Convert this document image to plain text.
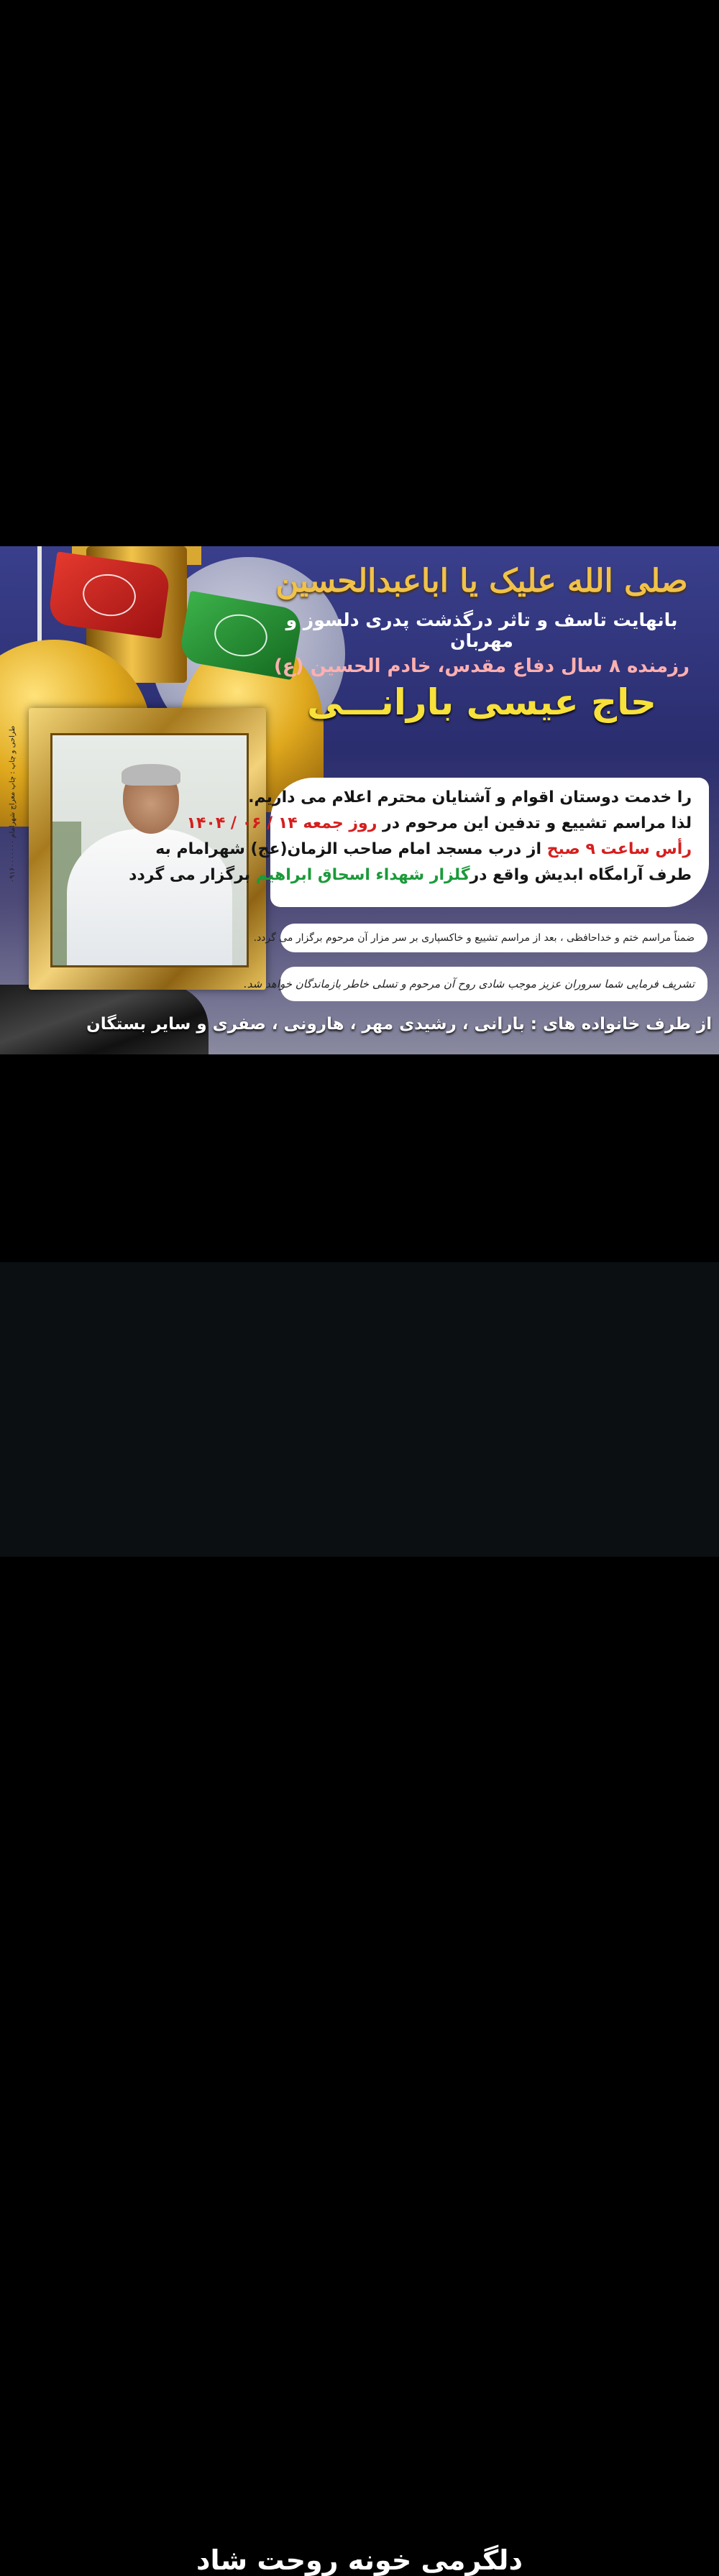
طراحی و چاپ : چاپ معراج شهرامام ۰۹۱۶۰۰۰۰۰۰۰
صلی الله علیک یا اباعبدالحسین
بانهایت تاسف و تاثر درگذشت پدری دلسوز و مهربان
رزمنده ۸ سال دفاع مقدس، خادم الحسین (ع)
حاج عیسی بارانـــی
را خدمت دوستان اقوام و آشنایان محترم اعلام می داریم.
لذا مراسم تشییع و تدفین این مرحوم در روز جمعه ۱۴ / ۰۶ / ۱۴۰۴
رأس ساعت ۹ صبح از درب مسجد امام صاحب الزمان(عج) شهرامام به
طرف آرامگاه ابدیش واقع درگلزار شهداء اسحاق ابراهیم برگزار می گردد
ضمناً مراسم ختم و خداحافظی ، بعد از مراسم تشییع و خاکسپاری بر سر مزار آن مرحوم برگزار می گردد.
تشریف فرمایی شما سروران عزیز موجب شادی روح آن مرحوم و تسلی خاطر بازماندگان خواهد شد.
از طرف خانواده های : بارانی ، رشیدی مهر ، هارونی ، صفری و سایر بستگان
دلگرمی خونه روحت شاد
